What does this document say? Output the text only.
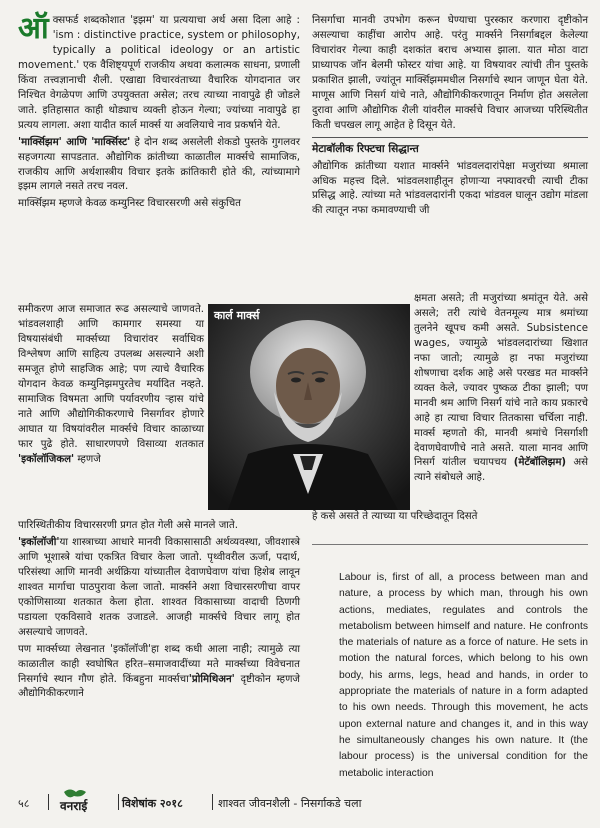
ऑक्सफर्ड शब्दकोशात 'इझम' या प्रत्ययाचा अर्थ असा दिला आहे : 'ism : distinctive practice, system or philosophy, typically a political ideology or an artistic movement.' एक वैशिष्ट्यपूर्ण राजकीय अथवा कलात्मक साधना, प्रणाली किंवा तत्त्वज्ञानाची शैली. एखाद्या विचारवंताच्या वैचारिक योगदानात जर निश्चित वेगळेपण आणि उपयुक्तता असेल; तरच त्याच्या नावापुढे ही जोडले जाते. इतिहासात काही थोड्याच व्यक्ती होऊन गेल्या; ज्यांच्या नावापुढे हा प्रत्यय लागला. अशा यादीत कार्ल मार्क्स या अवलियाचे नाव प्रकर्षाने येते.

'मार्क्सिझम' आणि 'मार्क्सिस्ट' हे दोन शब्द असलेली शेकडो पुस्तके गुगलवर सहजगत्या सापडतात. औद्योगिक क्रांतीच्या काळातील मार्क्सचे सामाजिक, राजकीय आणि अर्थशास्त्रीय विचार इतके क्रांतिकारी होते की, त्यांच्यामागे इझम लागले नसते तरच नवल.

मार्क्सिझम म्हणजे केवळ कम्युनिस्ट विचारसरणी असे संकुचित

समीकरण आज समाजात रूढ असल्याचे जाणवते. भांडवलशाही आणि कामगार समस्या या विषयासंबंधी मार्क्सच्या विचारांवर सर्वाधिक विश्लेषण आणि साहित्य उपलब्ध असल्याने अशी समजूत होणे साहजिक आहे; पण त्याचे वैचारिक योगदान केवळ कम्युनिझमपुरतेच मर्यादित नव्हते. सामाजिक विषमता आणि पर्यावरणीय ऱ्हास यांचे नाते आणि औद्योगिकीकरणाचे निसर्गावर होणारे आघात या विषयांवरील मार्क्सचे विचार काळाच्या फार पुढे होते. साधारणपणे विसाव्या शतकात 'इकॉलॉजिकल' म्हणजे
कार्ल मार्क्स

पारिस्थितीकीय विचारसरणी प्रगत होत गेली असे मानले जाते.

'इकॉलॉजी'या शास्त्राच्या आधारे मानवी विकासासाठी अर्थव्यवस्था, जीवशास्त्रे आणि भूशास्त्रे यांचा एकत्रित विचार केला जातो. पृथ्वीवरील ऊर्जा, पदार्थ, परिसंस्था आणि मानवी अर्थक्रिया यांच्यातील देवाणघेवाण यांचा हिशेब लावून शाश्वत मार्गाचा पाठपुरावा केला जातो. मार्क्सने अशा विचारसरणीचा वापर एकोणिसाव्या शतकात केला होता. शाश्वत विकासाच्या वादाची ठिणगी पडायला एकविसावे शतक उजाडले. आजही मार्क्सचे विचार लागू होत असल्याचे जाणवते.

पण मार्क्सच्या लेखनात 'इकॉलॉजी'हा शब्द कधी आला नाही; त्यामुळे त्या काळातील काही स्वघोषित हरित–समाजवादींच्या मते मार्क्सच्या विवेचनात निसर्गाचे स्थान गौण होते. किंबहुना मार्क्सचा'प्रोमिथिअन' दृष्टीकोन म्हणजे औद्योगिकीकरणाने

निसर्गाचा मानवी उपभोग करून घेण्याचा पुरस्कार करणारा दृष्टीकोन असल्याचा काहींचा आरोप आहे. परंतु मार्क्सने निसर्गाबद्दल केलेल्या विचारांवर गेल्या काही दशकांत बराच अभ्यास झाला. यात मोठा वाटा प्राध्यापक जॉन बेलमी फोस्टर यांचा आहे. या विषयावर त्यांची तीन पुस्तके प्रकाशित झाली, ज्यांतून मार्क्सिझममधील निसर्गाचे स्थान जाणून घेता येते. माणूस आणि निसर्ग यांचे नाते, औद्योगिकीकरणातून निर्माण होत असलेला दुरावा आणि औद्योगिक शैली यांवरील मार्क्सचे विचार आजच्या परिस्थितीत किती चपखल लागू आहेत हे दिसून येते.

मेटाबॉलीक रिफ्टचा सिद्धान्त

औद्योगिक क्रांतीच्या यशात मार्क्सने भांडवलदारांपेक्षा मजुरांच्या श्रमाला अधिक महत्त्व दिले. भांडवलशाहीतून होणाऱ्या नफ्यावरची त्याची टीका प्रसिद्ध आहे. त्यांच्या मते भांडवलदारांनी एकदा भांडवल घालून उद्योग मांडला की त्यातून नफा कमावण्याची जी

क्षमता असते; ती मजुरांच्या श्रमांतून येते. असे असले; तरी त्यांचे वेतनमूल्य मात्र श्रमांच्या तुलनेने खूपच कमी असते. Subsistence wages, ज्यामुळे भांडवलदारांच्या खिशात नफा जातो; त्यामुळे हा नफा मजुरांच्या शोषणाचा दर्शक आहे असे परखड मत मार्क्सने व्यक्त केले, ज्यावर पुष्कळ टीका झाली; पण मानवी श्रम आणि निसर्ग यांचे नाते काय प्रकारचे आहे हा त्याचा विचार तितकासा चर्चिला नाही. मार्क्स म्हणतो की, मानवी श्रमांचे निसर्गाशी देवाणघेवाणीचे नाते असते. याला मानव आणि निसर्ग यांतील चयापचय (मेटॅबॉलिझम) असे त्याने संबोधले आहे.
हे कसे असते ते त्याच्या या परिच्छेदातून दिसते
Labour is, first of all, a process between man and nature, a process by which man, through his own actions, mediates, regulates and controls the metabolism between himself and nature. He confronts the materials of nature as a force of nature. He sets in motion the natural forces, which belong to his own body, his arms, legs, head and hands, in order to appropriate the materials of nature in a form adapted to his own needs. Through this movement, he acts upon external nature and changes it, and in this way he simultaneously changes his own nature. It (the labour process) is the universal condition for the metabolic interaction
५८	वनराई	विशेषांक २०१८	शाश्वत जीवनशैली - निसर्गाकडे चला
